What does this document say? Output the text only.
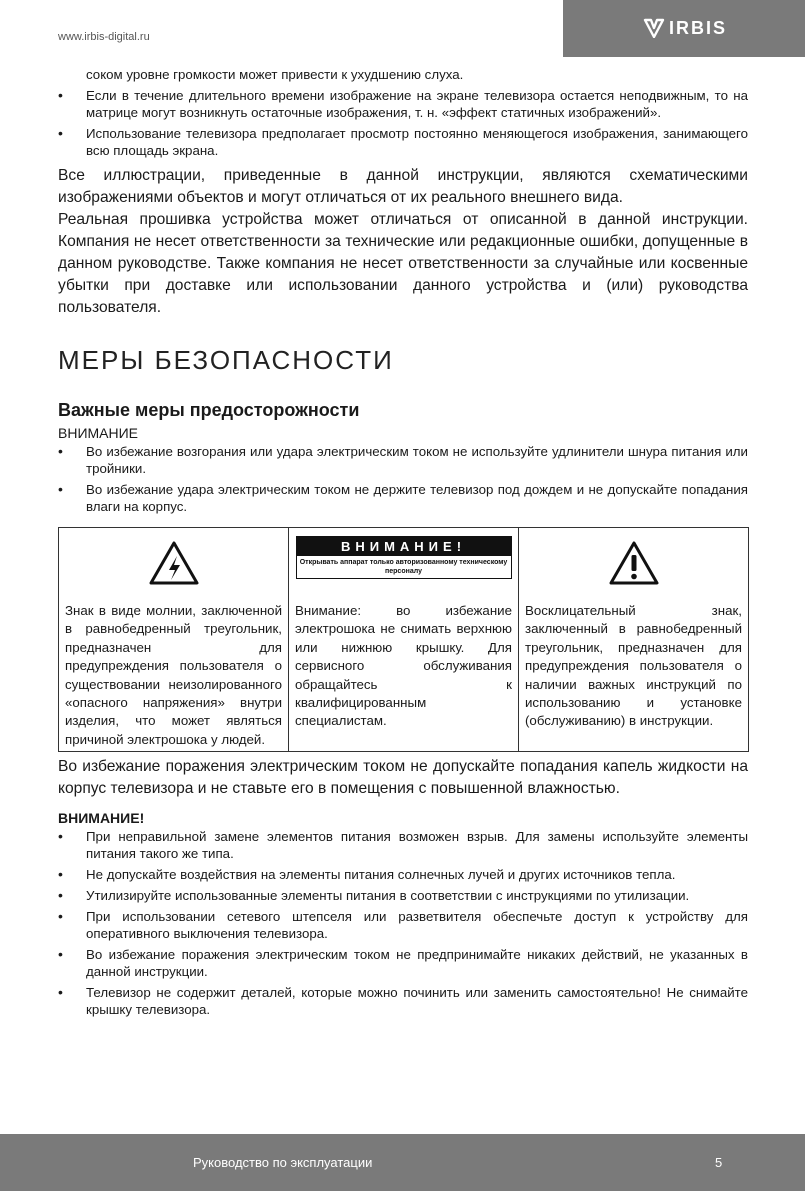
www.irbis-digital.ru	IRBIS
соком уровне громкости может привести к ухудшению слуха.
• Если в течение длительного времени изображение на экране телевизора остается неподвижным, то на матрице могут возникнуть остаточные изображения, т. н. «эффект статичных изображений».
• Использование телевизора предполагает просмотр постоянно меняющегося изображения, занимающего всю площадь экрана.

Все иллюстрации, приведенные в данной инструкции, являются схематическими изображениями объектов и могут отличаться от их реального внешнего вида.

Реальная прошивка устройства может отличаться от описанной в данной инструкции. Компания не несет ответственности за технические или редакционные ошибки, допущенные в данном руководстве. Также компания не несет ответственности за случайные или косвенные убытки при доставке или использовании данного устройства и (или) руководства пользователя.

МЕРЫ БЕЗОПАСНОСТИ
Важные меры предосторожности
ВНИМАНИЕ
• Во избежание возгорания или удара электрическим током не используйте удлинители шнура питания или тройники.
• Во избежание удара электрическим током не держите телевизор под дождем и не допускайте попадания влаги на корпус.
Знак в виде молнии, заключенной в равнобедренный треугольник, предназначен для предупреждения пользователя о существовании неизолированного «опасного напряжения» внутри изделия, что может являться причиной электрошока у людей.

ВНИМАНИЕ!
Открывать аппарат только авторизованному техническому персоналу
Внимание: во избежание электрошока не снимать верхнюю или нижнюю крышку. Для сервисного обслуживания обращайтесь к квалифицированным специалистам.

Восклицательный знак, заключенный в равнобедренный треугольник, предназначен для предупреждения пользователя о наличии важных инструкций по использованию и установке (обслуживанию) в инструкции.

Во избежание поражения электрическим током не допускайте попадания капель жидкости на корпус телевизора и не ставьте его в помещения с повышенной влажностью.

ВНИМАНИЕ!
• При неправильной замене элементов питания возможен взрыв. Для замены используйте элементы питания такого же типа.
• Не допускайте воздействия на элементы питания солнечных лучей и других источников тепла.
• Утилизируйте использованные элементы питания в соответствии с инструкциями по утилизации.
• При использовании сетевого штепселя или разветвителя обеспечьте доступ к устройству для оперативного выключения телевизора.
• Во избежание поражения электрическим током не предпринимайте никаких действий, не указанных в данной инструкции.
• Телевизор не содержит деталей, которые можно починить или заменить самостоятельно! Не снимайте крышку телевизора.
Руководство по эксплуатации	5
